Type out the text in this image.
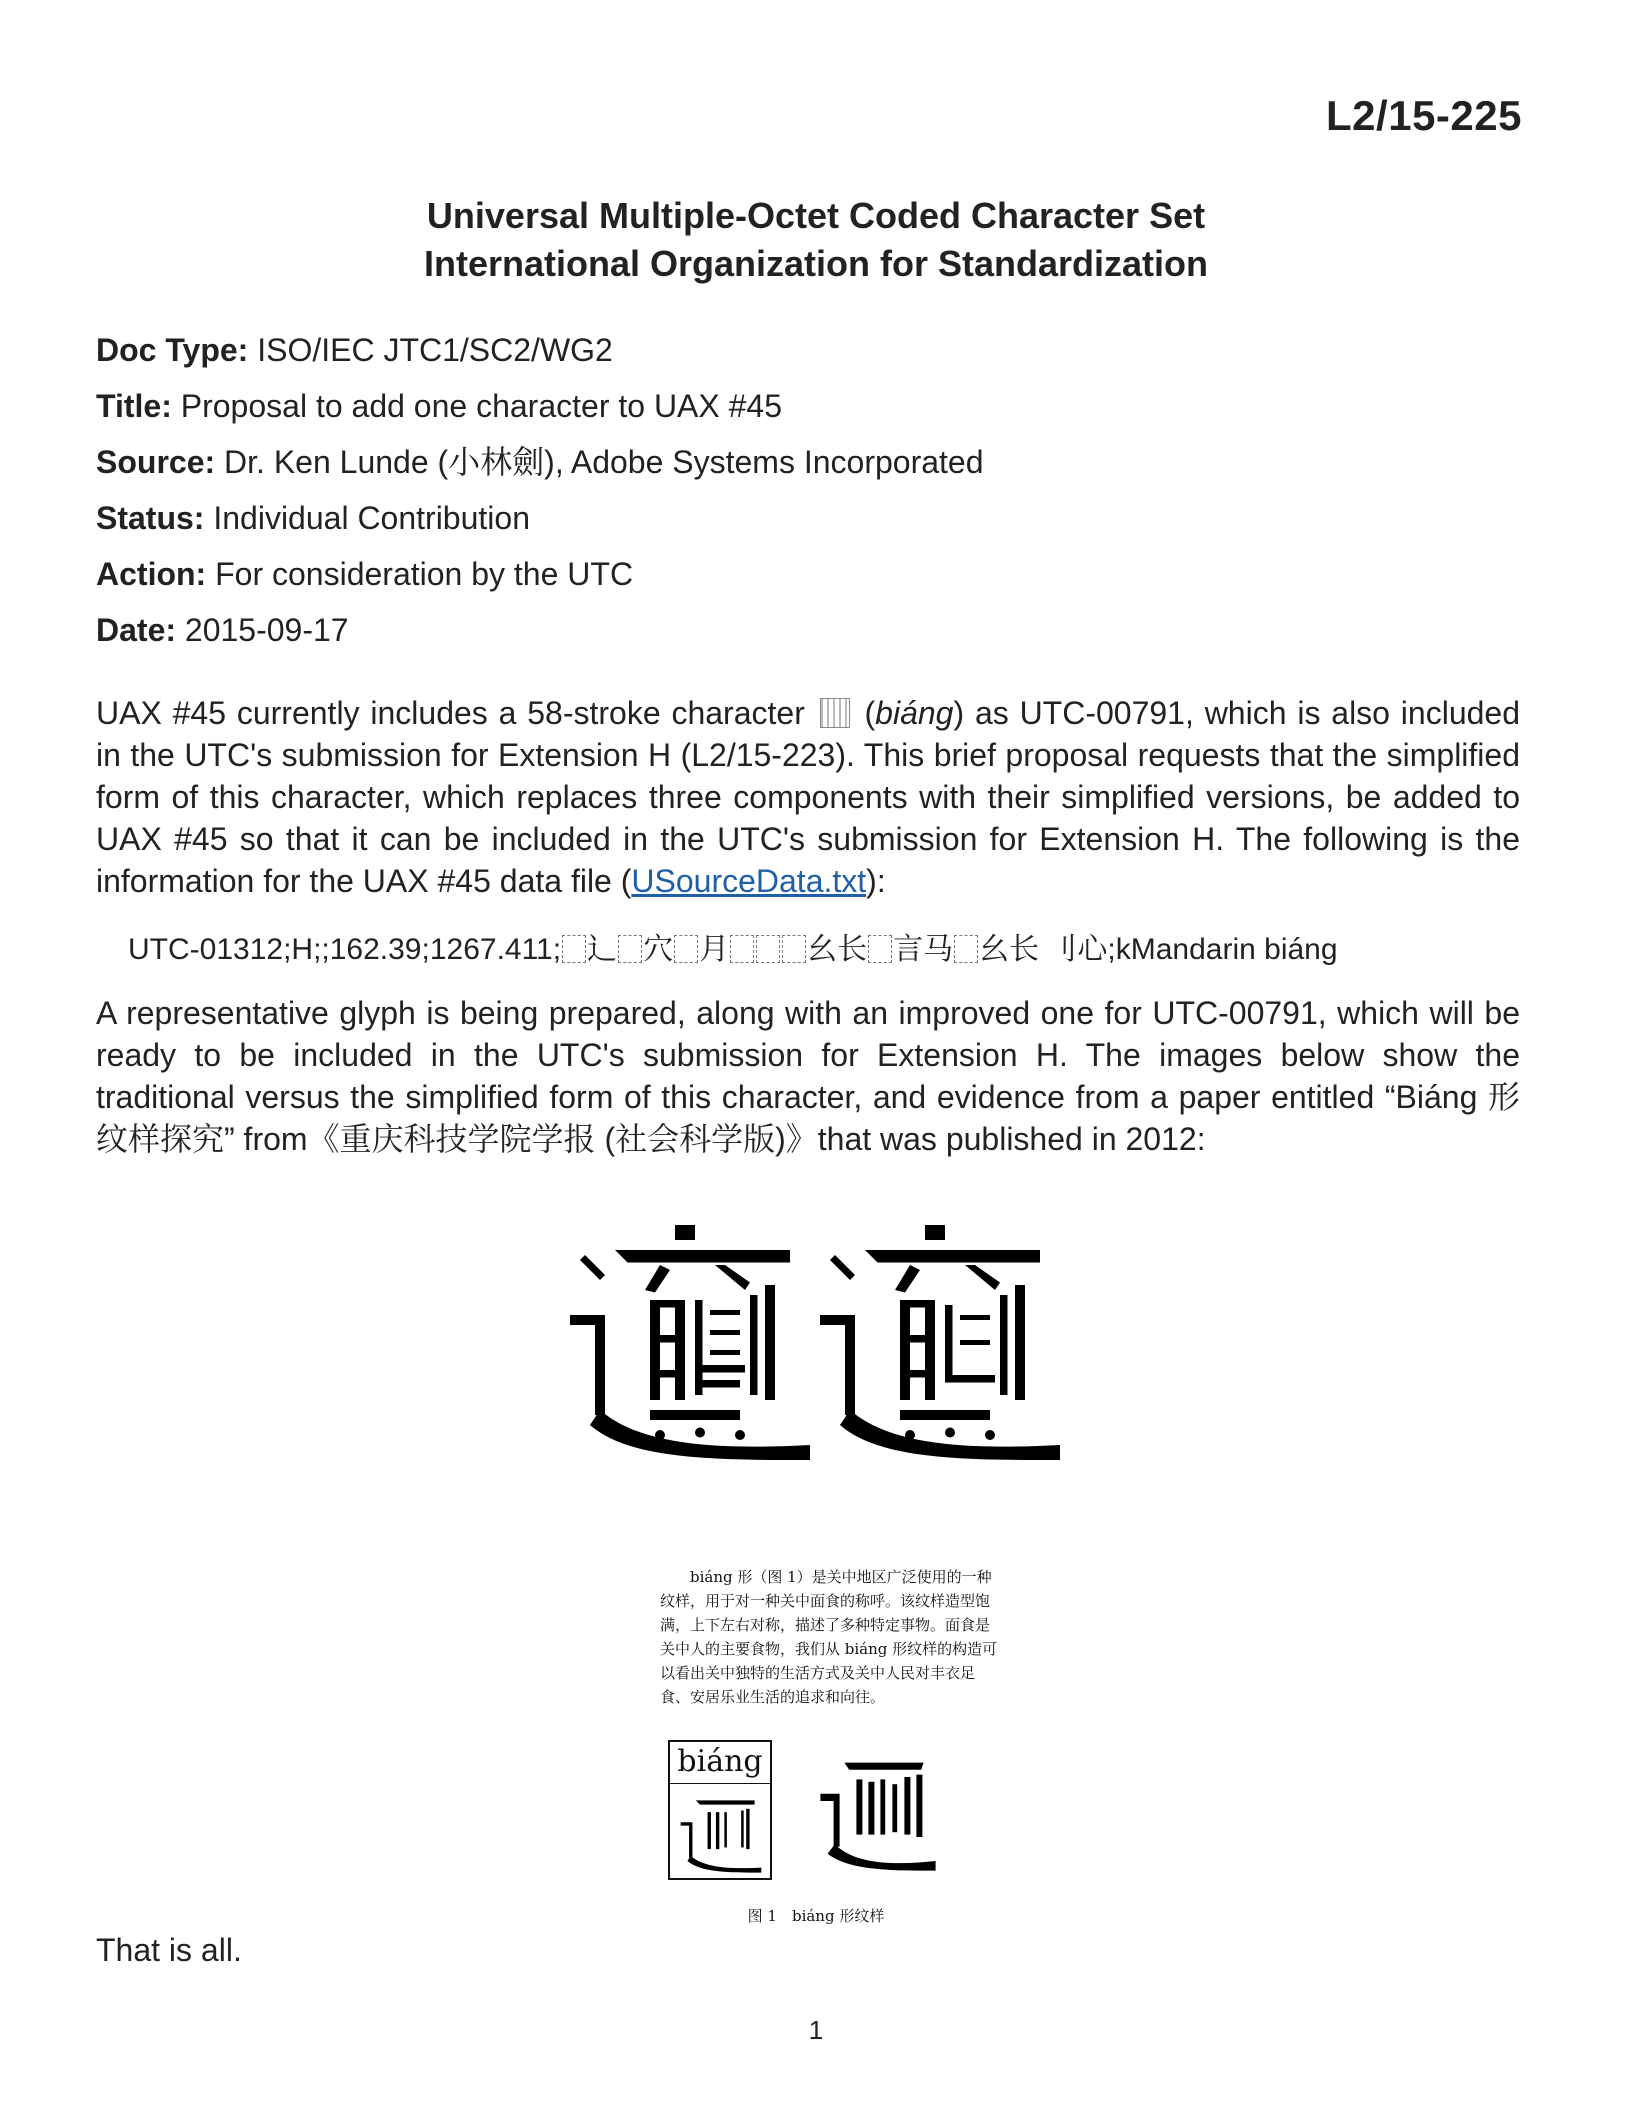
L2/15-225
Universal Multiple-Octet Coded Character Set
International Organization for Standardization
Doc Type: ISO/IEC JTC1/SC2/WG2
Title: Proposal to add one character to UAX #45
Source: Dr. Ken Lunde (小林劍), Adobe Systems Incorporated
Status: Individual Contribution
Action: For consideration by the UTC
Date: 2015-09-17
UAX #45 currently includes a 58-stroke character  (biáng) as UTC-00791, which is also included in the UTC's submission for Extension H (L2/15-223). This brief proposal requests that the simplified form of this character, which replaces three components with their simplified versions, be added to UAX #45 so that it can be included in the UTC's submission for Extension H. The following is the information for the UAX #45 data file (USourceData.txt):
UTC-01312;H;;162.39;1267.411; ⻌ 穴 月	幺长 言马 幺长 刂心;kMandarin biáng
A representative glyph is being prepared, along with an improved one for UTC-00791, which will be ready to be included in the UTC's submission for Extension H. The images below show the traditional versus the simplified form of this character, and evidence from a paper entitled “Biáng 形纹样探究” from《重庆科技学院学报 (社会科学版)》that was published in 2012:
biáng 形（图 1）是关中地区广泛使用的一种纹样，用于对一种关中面食的称呼。该纹样造型饱满，上下左右对称，描述了多种特定事物。面食是关中人的主要食物，我们从 biáng 形纹样的构造可以看出关中独特的生活方式及关中人民对丰衣足食、安居乐业生活的追求和向往。
biáng
图 1　biáng 形纹样
That is all.
1
